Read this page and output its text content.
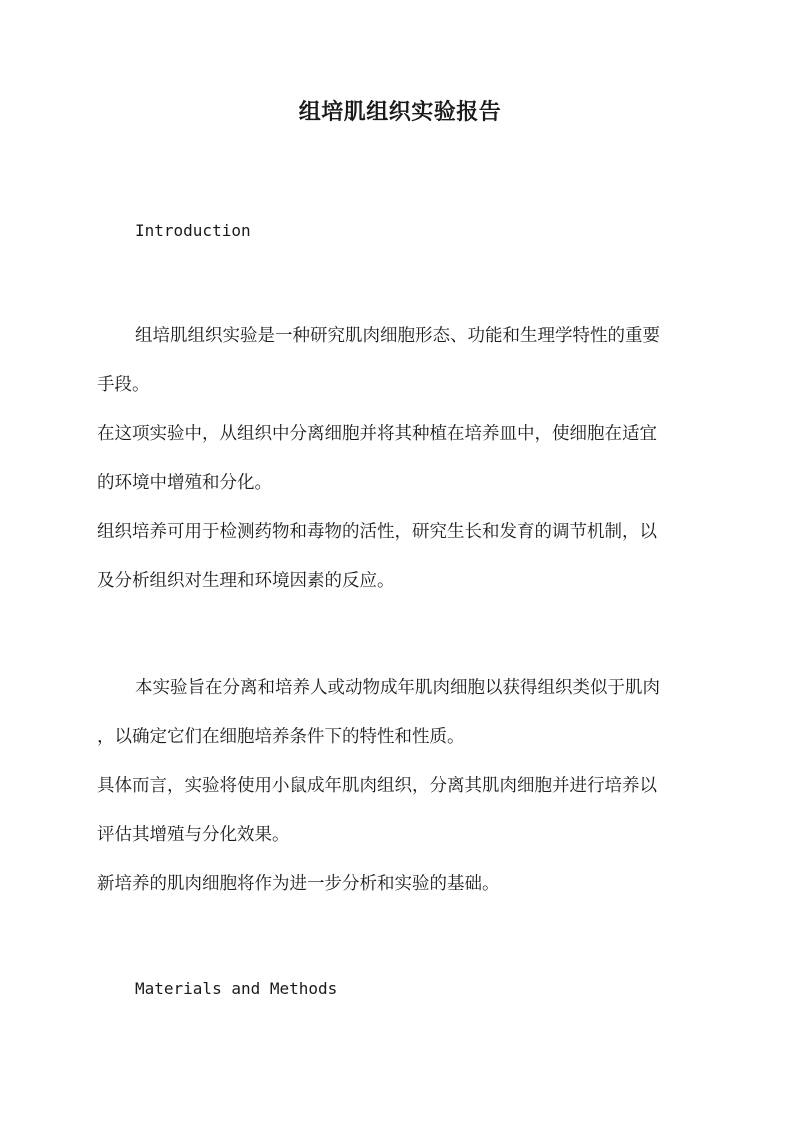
组培肌组织实验报告
Introduction
组培肌组织实验是一种研究肌肉细胞形态、功能和生理学特性的重要
手段。
在这项实验中，从组织中分离细胞并将其种植在培养皿中，使细胞在适宜
的环境中增殖和分化。
组织培养可用于检测药物和毒物的活性，研究生长和发育的调节机制，以
及分析组织对生理和环境因素的反应。
本实验旨在分离和培养人或动物成年肌肉细胞以获得组织类似于肌肉
，以确定它们在细胞培养条件下的特性和性质。
具体而言，实验将使用小鼠成年肌肉组织，分离其肌肉细胞并进行培养以
评估其增殖与分化效果。
新培养的肌肉细胞将作为进一步分析和实验的基础。
Materials and Methods
